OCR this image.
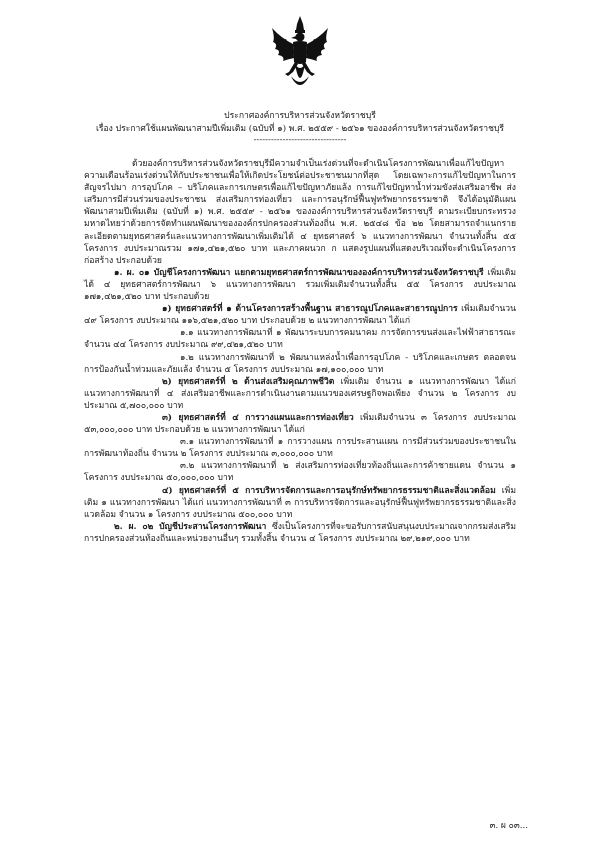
ประกาศองค์การบริหารส่วนจังหวัดราชบุรี
เรื่อง ประกาศใช้แผนพัฒนาสามปีเพิ่มเติม (ฉบับที่ ๑) พ.ศ. ๒๕๕๙ - ๒๕๖๑ ขององค์การบริหารส่วนจังหวัดราชบุรี
--------------------------------

ด้วยองค์การบริหารส่วนจังหวัดราชบุรีมีความจำเป็นเร่งด่วนที่จะดำเนินโครงการพัฒนาเพื่อแก้ไขปัญหาความเดือนร้อนเร่งด่วนให้กับประชาชนเพื่อให้เกิดประโยชน์ต่อประชาชนมากที่สุด โดยเฉพาะการแก้ไขปัญหาในการสัญจรไปมา การอุปโภค – บริโภคและการเกษตรเพื่อแก้ไขปัญหาภัยแล้ง การแก้ไขปัญหาน้ำท่วมขังส่งเสริมอาชีพ ส่งเสริมการมีส่วนร่วมของประชาชน ส่งเสริมการท่องเที่ยว และการอนุรักษ์ฟื้นฟูทรัพยากรธรรมชาติ จึงได้อนุมัติแผนพัฒนาสามปีเพิ่มเติม (ฉบับที่ ๑) พ.ศ. ๒๕๕๙ - ๒๕๖๑ ขององค์การบริหารส่วนจังหวัดราชบุรี ตามระเบียบกระทรวงมหาดไทยว่าด้วยการจัดทำแผนพัฒนาขององค์กรปกครองส่วนท้องถิ่น พ.ศ. ๒๕๔๘ ข้อ ๒๒ โดยสามารถจำแนกรายละเอียดตามยุทธศาสตร์และแนวทางการพัฒนาเพิ่มเติมได้ ๔ ยุทธศาสตร์ ๖ แนวทางการพัฒนา จำนวนทั้งสิ้น ๕๕ โครงการ งบประมาณรวม ๑๗๑,๔๒๑,๕๒๐ บาท และภาคผนวก ก แสดงรูปแผนที่แสดงบริเวณที่จะดำเนินโครงการก่อสร้าง ประกอบด้วย

๑. ผ. ๐๑ บัญชีโครงการพัฒนา แยกตามยุทธศาสตร์การพัฒนาขององค์การบริหารส่วนจังหวัดราชบุรี เพิ่มเติมได้ ๔ ยุทธศาสตร์การพัฒนา ๖ แนวทางการพัฒนา รวมเพิ่มเติมจำนวนทั้งสิ้น ๕๕ โครงการ งบประมาณ ๑๗๑,๔๒๑,๕๒๐ บาท ประกอบด้วย

๑) ยุทธศาสตร์ที่ ๑ ด้านโครงการสร้างพื้นฐาน สาธารณูปโภคและสาธารณูปการ เพิ่มเติมจำนวน ๔๙ โครงการ งบประมาณ ๑๑๖,๕๒๑,๕๒๐ บาท ประกอบด้วย ๒ แนวทางการพัฒนา ได้แก่

๑.๑ แนวทางการพัฒนาที่ ๑ พัฒนาระบบการคมนาคม การจัดการขนส่งและไฟฟ้าสาธารณะ จำนวน ๔๔ โครงการ งบประมาณ ๙๙,๔๒๑,๕๒๐ บาท

๑.๒ แนวทางการพัฒนาที่ ๒ พัฒนาแหล่งน้ำเพื่อการอุปโภค - บริโภคและเกษตร ตลอดจนการป้องกันน้ำท่วมและภัยแล้ง จำนวน ๕ โครงการ งบประมาณ ๑๗,๑๐๐,๐๐๐ บาท

๒) ยุทธศาสตร์ที่ ๒ ด้านส่งเสริมคุณภาพชีวิต เพิ่มเติม จำนวน ๑ แนวทางการพัฒนา ได้แก่ แนวทางการพัฒนาที่ ๔ ส่งเสริมอาชีพและการดำเนินงานตามแนวของเศรษฐกิจพอเพียง จำนวน ๒ โครงการ งบประมาณ ๕,๗๐๐,๐๐๐ บาท

๓) ยุทธศาสตร์ที่ ๔ การวางแผนและการท่องเที่ยว เพิ่มเติมจำนวน ๓ โครงการ งบประมาณ ๕๓,๐๐๐,๐๐๐ บาท ประกอบด้วย ๒ แนวทางการพัฒนา ได้แก่

๓.๑ แนวทางการพัฒนาที่ ๑ การวางแผน การประสานแผน การมีส่วนร่วมของประชาชนในการพัฒนาท้องถิ่น จำนวน ๒ โครงการ งบประมาณ ๓,๐๐๐,๐๐๐ บาท

๓.๒ แนวทางการพัฒนาที่ ๒ ส่งเสริมการท่องเที่ยวท้องถิ่นและการค้าชายแดน จำนวน ๑ โครงการ งบประมาณ ๕๐,๐๐๐,๐๐๐ บาท

๔) ยุทธศาสตร์ที่ ๕ การบริหารจัดการและการอนุรักษ์ทรัพยากรธรรมชาติและสิ่งแวดล้อม เพิ่มเติม ๑ แนวทางการพัฒนา ได้แก่ แนวทางการพัฒนาที่ ๓ การบริหารจัดการและอนุรักษ์ฟื้นฟูทรัพยากรธรรมชาติและสิ่งแวดล้อม จำนวน ๑ โครงการ งบประมาณ ๕๐๐,๐๐๐ บาท

๒. ผ. ๐๒ บัญชีประสานโครงการพัฒนา ซึ่งเป็นโครงการที่จะขอรับการสนับสนุนงบประมาณจากกรมส่งเสริมการปกครองส่วนท้องถิ่นและหน่วยงานอื่นๆ รวมทั้งสิ้น จำนวน ๔ โครงการ งบประมาณ ๒๙,๒๑๙,๐๐๐ บาท

๓. ผ ๐๓...
